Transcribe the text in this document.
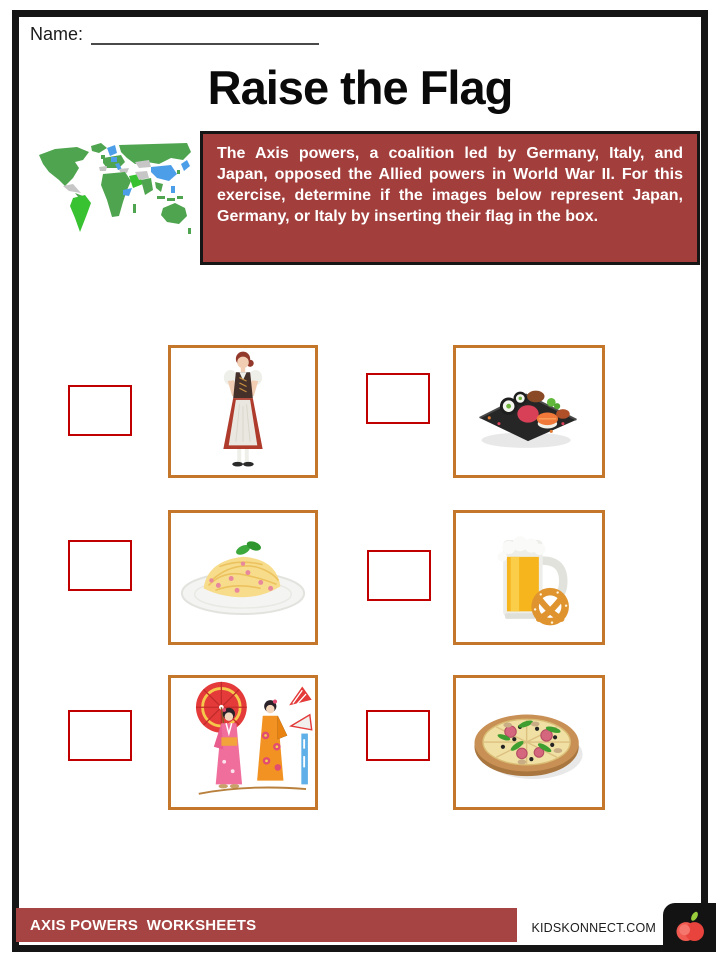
Name:
Raise the Flag

The Axis powers, a coalition led by Germany, Italy, and Japan, opposed the Allied powers in World War II. For this exercise, determine if the images below represent Japan, Germany, or Italy by inserting their flag in the box.

AXIS POWERS  WORKSHEETS	KIDSKONNECT.COM
